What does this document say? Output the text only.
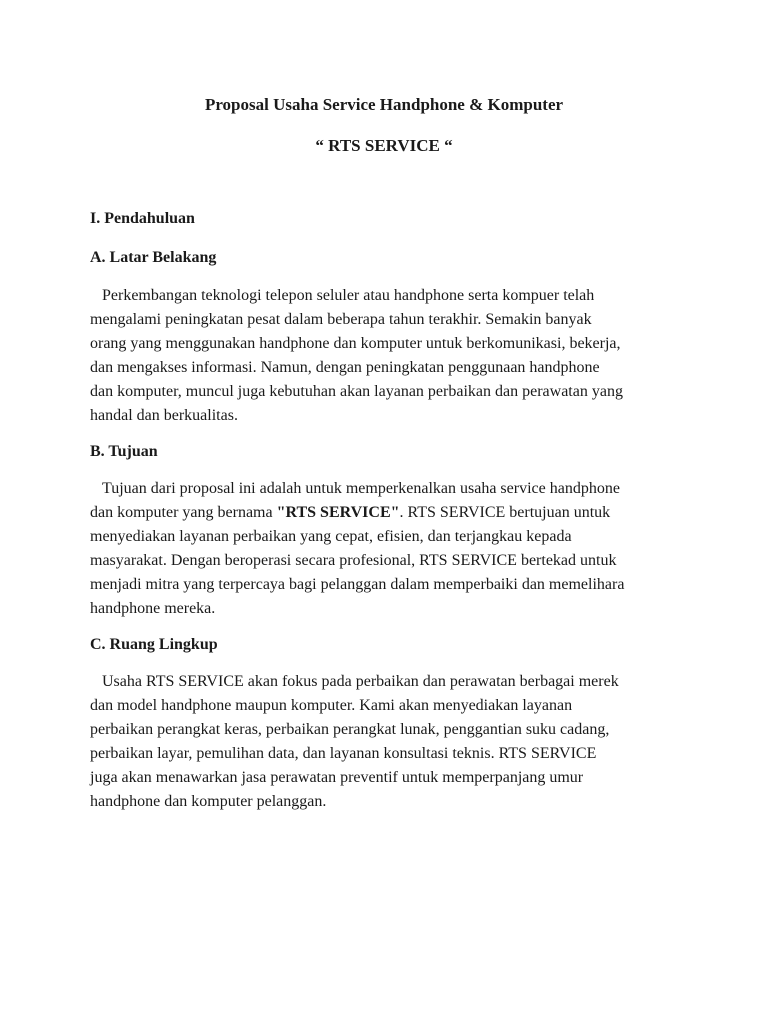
Proposal Usaha Service Handphone & Komputer
“ RTS SERVICE “
I. Pendahuluan
A. Latar Belakang
Perkembangan teknologi telepon seluler atau handphone serta kompuer telah
mengalami peningkatan pesat dalam beberapa tahun terakhir. Semakin banyak
orang yang menggunakan handphone dan komputer untuk berkomunikasi, bekerja,
dan mengakses informasi. Namun, dengan peningkatan penggunaan handphone
dan komputer, muncul juga kebutuhan akan layanan perbaikan dan perawatan yang
handal dan berkualitas.
B. Tujuan
Tujuan dari proposal ini adalah untuk memperkenalkan usaha service handphone
dan komputer yang bernama "RTS SERVICE". RTS SERVICE bertujuan untuk
menyediakan layanan perbaikan yang cepat, efisien, dan terjangkau kepada
masyarakat. Dengan beroperasi secara profesional, RTS SERVICE bertekad untuk
menjadi mitra yang terpercaya bagi pelanggan dalam memperbaiki dan memelihara
handphone mereka.
C. Ruang Lingkup
Usaha RTS SERVICE akan fokus pada perbaikan dan perawatan berbagai merek
dan model handphone maupun komputer. Kami akan menyediakan layanan
perbaikan perangkat keras, perbaikan perangkat lunak, penggantian suku cadang,
perbaikan layar, pemulihan data, dan layanan konsultasi teknis. RTS SERVICE
juga akan menawarkan jasa perawatan preventif untuk memperpanjang umur
handphone dan komputer pelanggan.
